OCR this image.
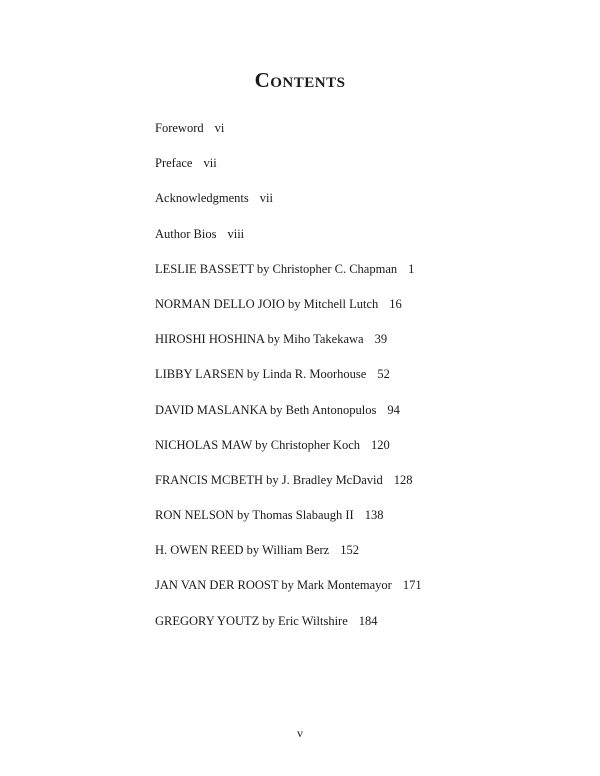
Contents
Foreword vi
Preface vii
Acknowledgments vii
Author Bios viii
LESLIE BASSETT by Christopher C. Chapman 1
NORMAN DELLO JOIO by Mitchell Lutch 16
HIROSHI HOSHINA by Miho Takekawa 39
LIBBY LARSEN by Linda R. Moorhouse 52
DAVID MASLANKA by Beth Antonopulos 94
NICHOLAS MAW by Christopher Koch 120
FRANCIS MCBETH by J. Bradley McDavid 128
RON NELSON by Thomas Slabaugh II 138
H. OWEN REED by William Berz 152
JAN VAN DER ROOST by Mark Montemayor 171
GREGORY YOUTZ by Eric Wiltshire 184
v
